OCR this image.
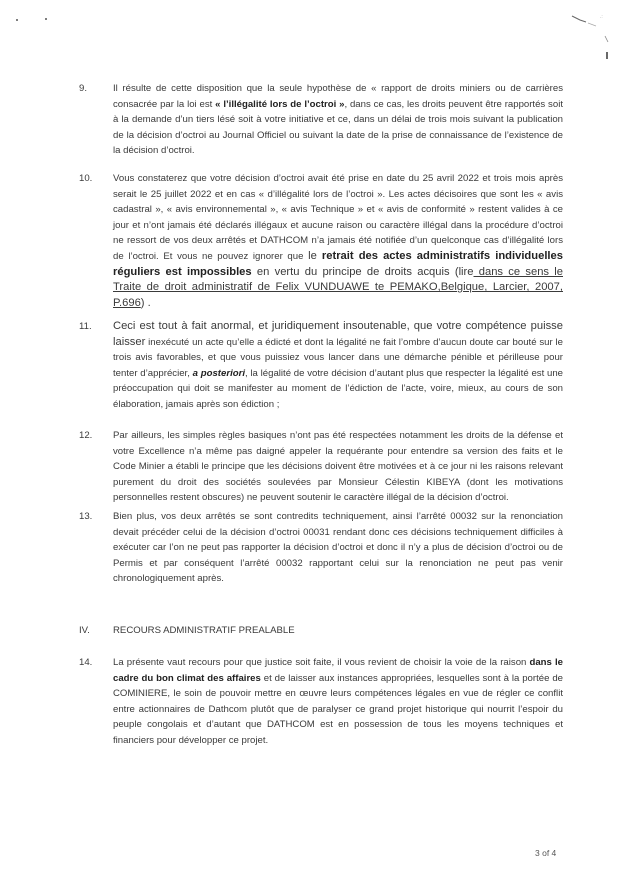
.:
9.	Il résulte de cette disposition que la seule hypothèse de « rapport de droits miniers ou de carrières consacrée par la loi est « l’illégalité lors de l’octroi », dans ce cas, les droits peuvent être rapportés soit à la demande d’un tiers lésé soit à votre initiative et ce, dans un délai de trois mois suivant la publication de la décision d’octroi au Journal Officiel ou suivant la date de la prise de connaissance de l’existence de la décision d’octroi.
10. Vous constaterez que votre décision d’octroi avait été prise en date du 25 avril 2022 et trois mois après serait le 25 juillet 2022 et en cas « d’illégalité lors de l’octroi ». Les actes décisoires que sont les « avis cadastral », « avis environnemental », « avis Technique » et « avis de conformité » restent valides à ce jour et n’ont jamais été déclarés illégaux et aucune raison ou caractère illégal dans la procédure d’octroi ne ressort de vos deux arrêtés et DATHCOM n’a jamais été notifiée d’un quelconque cas d’illégalité lors de l’octroi. Et vous ne pouvez ignorer que le retrait des actes administratifs individuelles réguliers est impossibles en vertu du principe de droits acquis (lire dans ce sens le Traite de droit administratif de Felix VUNDUAWE te PEMAKO,Belgique, Larcier, 2007, P.696) .
11. Ceci est tout à fait anormal, et juridiquement insoutenable, que votre compétence puisse laisser inexécuté un acte qu’elle a édicté et dont la légalité ne fait l’ombre d’aucun doute car bouté sur le trois avis favorables, et que vous puissiez vous lancer dans une démarche pénible et périlleuse pour tenter d’apprécier, a posteriori, la légalité de votre décision d’autant plus que respecter la légalité est une préoccupation qui doit se manifester au moment de l’édiction de l’acte, voire, mieux, au cours de son élaboration, jamais après son édiction ;
12. Par ailleurs, les simples règles basiques n’ont pas été respectées notamment les droits de la défense et votre Excellence n’a même pas daigné appeler la requérante pour entendre sa version des faits et le Code Minier a établi le principe que les décisions doivent être motivées et à ce jour ni les raisons relevant purement du droit des sociétés soulevées par Monsieur Célestin KIBEYA (dont les motivations personnelles restent obscures) ne peuvent soutenir le caractère illégal de la décision d’octroi.
13. Bien plus, vos deux arrêtés se sont contredits techniquement, ainsi l’arrêté 00032 sur la renonciation devait précéder celui de la décision d’octroi 00031 rendant donc ces décisions techniquement difficiles à exécuter car l’on ne peut pas rapporter la décision d’octroi et donc il n’y a plus de décision d’octroi ou de Permis et par conséquent l’arrêté 00032 rapportant celui sur la renonciation ne peut pas venir chronologiquement après.
IV. RECOURS ADMINISTRATIF PREALABLE
14. La présente vaut recours pour que justice soit faite, il vous revient de choisir la voie de la raison dans le cadre du bon climat des affaires et de laisser aux instances appropriées, lesquelles sont à la portée de COMINIERE, le soin de pouvoir mettre en œuvre leurs compétences légales en vue de régler ce conflit entre actionnaires de Dathcom plutôt que de paralyser ce grand projet historique qui nourrit l’espoir du peuple congolais et d’autant que DATHCOM est en possession de tous les moyens techniques et financiers pour développer ce projet.
3 of 4
